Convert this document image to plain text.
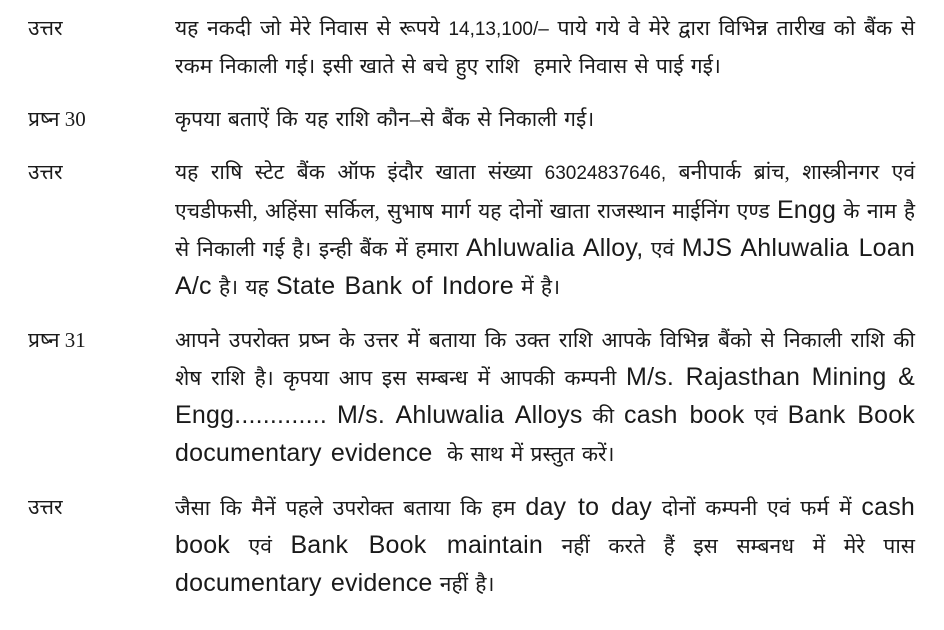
उत्तर	यह नकदी जो मेरे निवास से रूपये 14,13,100/– पाये गये वे मेरे द्वारा विभिन्न तारीख को बैंक से रकम निकाली गई। इसी खाते से बचे हुए राशि  हमारे निवास से पाई गई।
प्रष्न 30	कृपया बताऐं कि यह राशि कौन–से बैंक से निकाली गई।
उत्तर	यह राषि स्टेट बैंक ऑफ इंदौर खाता संख्या 63024837646, बनीपार्क ब्रांच, शास्त्रीनगर एवं एचडीफसी, अहिंसा सर्किल, सुभाष मार्ग यह दोनों खाता राजस्थान माईनिंग एण्ड Engg के नाम है से निकाली गई है। इन्ही बैंक में हमारा Ahluwalia Alloy, एवं MJS Ahluwalia Loan A/c है। यह State Bank of Indore में है।
प्रष्न 31	आपने उपरोक्त प्रष्न के उत्तर में बताया कि उक्त राशि आपके विभिन्न बैंको से निकाली राशि की शेष राशि है। कृपया आप इस सम्बन्ध में आपकी कम्पनी M/s. Rajasthan Mining & Engg............. M/s. Ahluwalia Alloys की cash book एवं Bank Book documentary evidence  के साथ में प्रस्तुत करें।
उत्तर	जैसा कि मैनें पहले उपरोक्त बताया कि हम day to day दोनों कम्पनी एवं फर्म में cash book एवं Bank Book maintain नहीं करते हैं इस सम्बनध में मेरे पास documentary evidence नहीं है।
